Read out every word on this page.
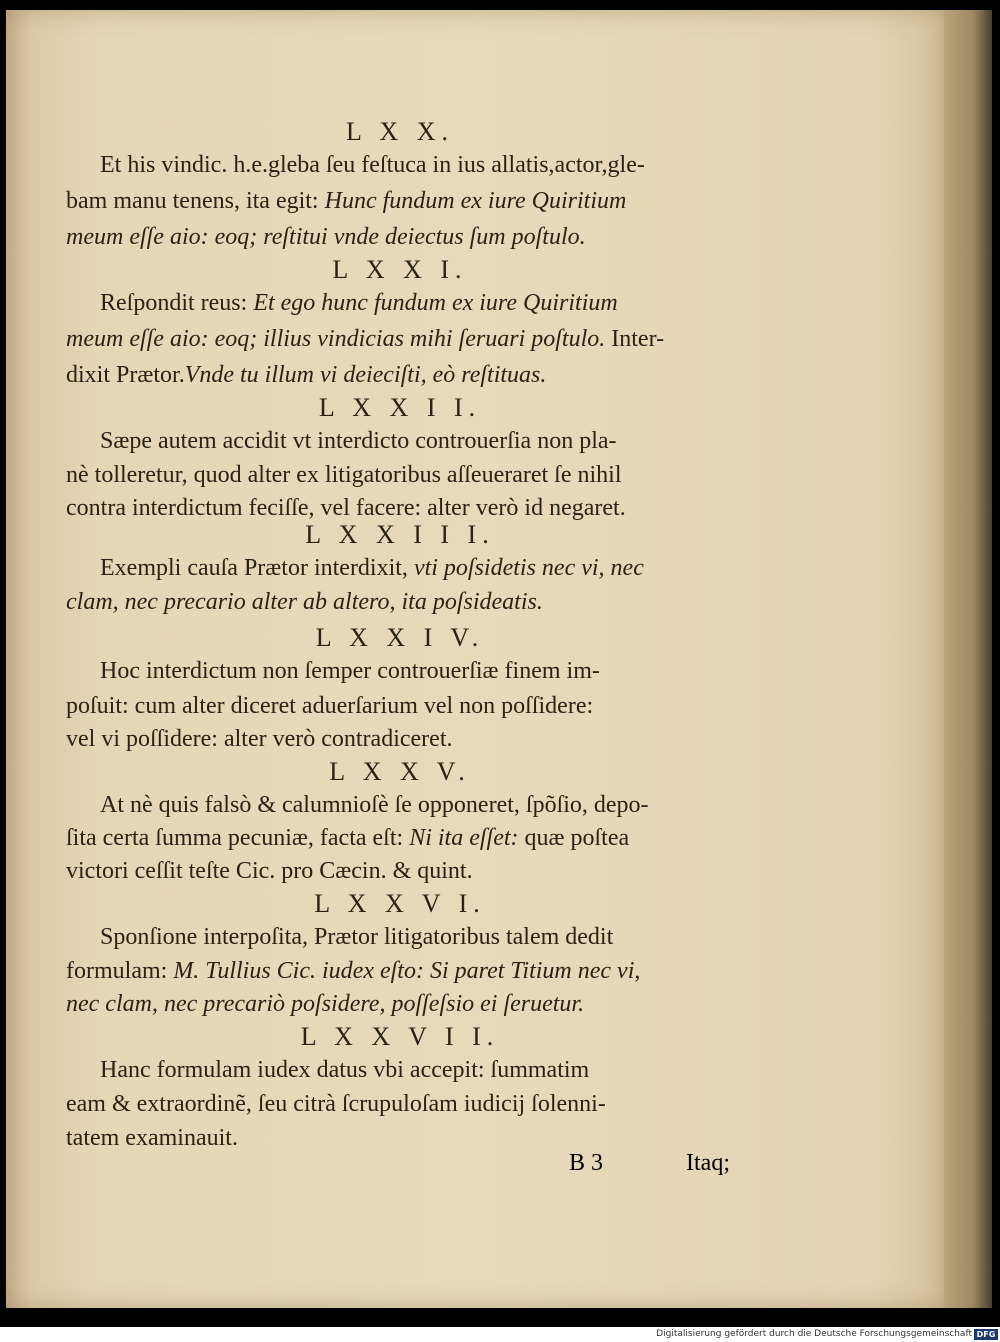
L X X.
Et his vindic. h.e.gleba ſeu feſtuca in ius allatis,actor,gle-
bam manu tenens, ita egit: Hunc fundum ex iure Quiritium
meum eſſe aio: eoq; reſtitui vnde deiectus ſum poſtulo.
L X X I.
Reſpondit reus: Et ego hunc fundum ex iure Quiritium
meum eſſe aio: eoq; illius vindicias mihi ſeruari poſtulo. Inter-
dixit Prætor.Vnde tu illum vi deieciſti, eò reſtituas.
L X X I I.
Sæpe autem accidit vt interdicto controuerſia non pla-
nè tolleretur, quod alter ex litigatoribus aſſeueraret ſe nihil
contra interdictum feciſſe, vel facere: alter verò id negaret.
L X X I I I.
Exempli cauſa Prætor interdixit, vti poſsidetis nec vi, nec
clam, nec precario alter ab altero, ita poſsideatis.
L X X I V.
Hoc interdictum non ſemper controuerſiæ finem im-
poſuit: cum alter diceret aduerſarium vel non poſſidere:
vel vi poſſidere: alter verò contradiceret.
L X X V.
At nè quis falsò & calumnioſè ſe opponeret, ſpõſio, depo-
ſita certa ſumma pecuniæ, facta eſt: Ni ita eſſet: quæ poſtea
victori ceſſit teſte Cic. pro Cæcin. & quint.
L X X V I.
Sponſione interpoſita, Prætor litigatoribus talem dedit
formulam: M. Tullius Cic. iudex eſto: Si paret Titium nec vi,
nec clam, nec precariò poſsidere, poſſeſsio ei ſeruetur.
L X X V I I.
Hanc formulam iudex datus vbi accepit: ſummatim
eam & extraordinẽ, ſeu citrà ſcrupuloſam iudicij ſolenni-
tatem examinauit.
B 3	Itaq;
Digitalisierung gefördert durch die Deutsche Forschungsgemeinschaft DFG
